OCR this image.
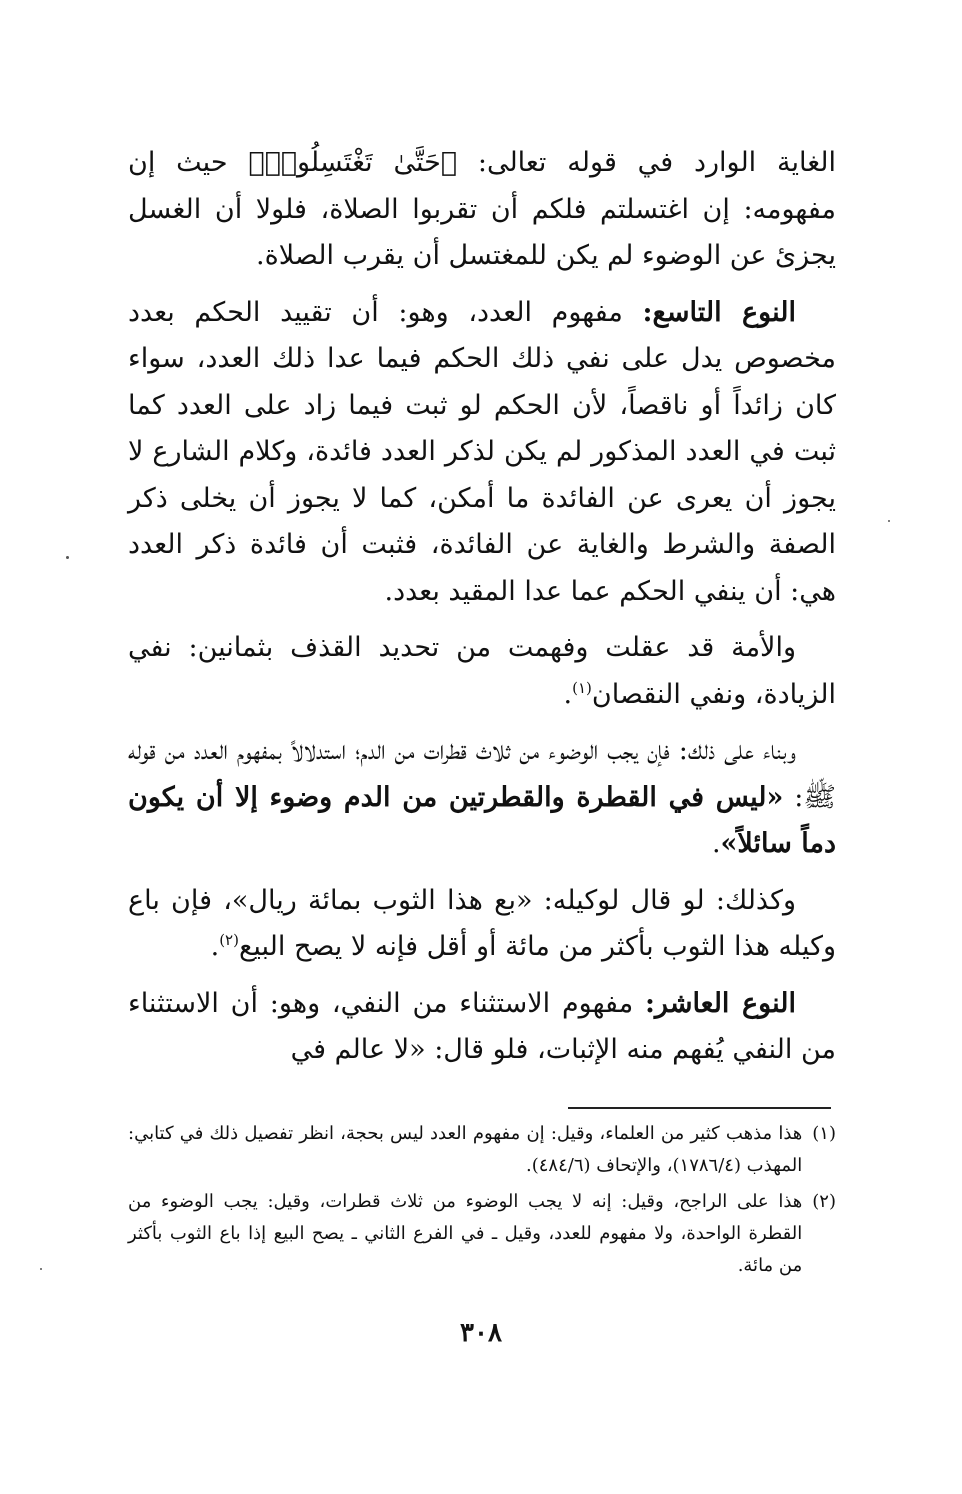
الغاية الوارد في قوله تعالى: ﴿حَتَّىٰ تَغْتَسِلُوا۟﴾ حيث إن مفهومه: إن اغتسلتم فلكم أن تقربوا الصلاة، فلولا أن الغسل يجزئ عن الوضوء لم يكن للمغتسل أن يقرب الصلاة.

النوع التاسع: مفهوم العدد، وهو: أن تقييد الحكم بعدد مخصوص يدل على نفي ذلك الحكم فيما عدا ذلك العدد، سواء كان زائداً أو ناقصاً، لأن الحكم لو ثبت فيما زاد على العدد كما ثبت في العدد المذكور لم يكن لذكر العدد فائدة، وكلام الشارع لا يجوز أن يعرى عن الفائدة ما أمكن، كما لا يجوز أن يخلى ذكر الصفة والشرط والغاية عن الفائدة، فثبت أن فائدة ذكر العدد هي: أن ينفي الحكم عما عدا المقيد بعدد.

والأمة قد عقلت وفهمت من تحديد القذف بثمانين: نفي الزيادة، ونفي النقصان$^{(١)}$.

وبناء على ذلك: فإن يجب الوضوء من ثلاث قطرات من الدم؛ استدلالاً بمفهوم العدد من قوله ﷺ: «ليس في القطرة والقطرتين من الدم وضوء إلا أن يكون دماً سائلاً».

وكذلك: لو قال لوكيله: «بع هذا الثوب بمائة ريال»، فإن باع وكيله هذا الثوب بأكثر من مائة أو أقل فإنه لا يصح البيع$^{(٢)}$.

النوع العاشر: مفهوم الاستثناء من النفي، وهو: أن الاستثناء من النفي يُفهم منه الإثبات، فلو قال: «لا عالم في

(١)
هذا مذهب كثير من العلماء، وقيل: إن مفهوم العدد ليس بحجة، انظر تفصيل ذلك في كتابي: المهذب (١٧٨٦/٤)، والإتحاف (٤٨٤/٦).
(٢)
هذا على الراجح، وقيل: إنه لا يجب الوضوء من ثلاث قطرات، وقيل: يجب الوضوء من القطرة الواحدة، ولا مفهوم للعدد، وقيل ـ في الفرع الثاني ـ يصح البيع إذا باع الثوب بأكثر من مائة.
٣٠٨
